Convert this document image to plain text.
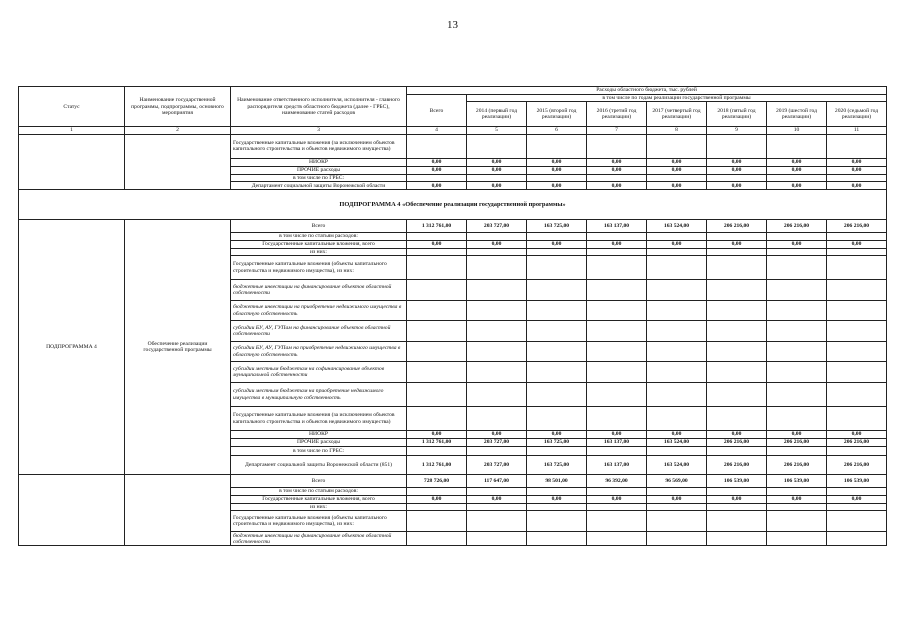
13
Статус	Наименование государственной программы, подпрограммы, основного мероприятия	Наименование ответственного исполнителя, исполнителя - главного распорядителя средств областного бюджета (далее - ГРБС), наименование статей расходов	Расходы областного бюджета, тыс. рублей							
			Всего	в том числе по годам реализации государственной программы						
				2014 (первый год реализации)	2015 (второй год реализации)	2016 (третий год реализации)	2017 (четвертый год реализации)	2018 (пятый год реализации)	2019 (шестой год реализации)	2020 (седьмой год реализации)
1	2	3	4	5	6	7	8	9	10	11
		Государственные капитальные вложения (за исключением объектов капитального строительства и объектов недвижимого имущества)								
		НИОКР	0,00	0,00	0,00	0,00	0,00	0,00	0,00	0,00
		ПРОЧИЕ расходы	0,00	0,00	0,00	0,00	0,00	0,00	0,00	0,00
		в том числе по ГРБС:								
		Департамент социальной защиты Воронежской области	0,00	0,00	0,00	0,00	0,00	0,00	0,00	0,00
ПОДПРОГРАММА 4 «Обеспечение реализации государственной программы»										
ПОДПРОГРАММА 4	Обеспечение реализации государственной программы	Всего	1 312 761,00	203 727,00	163 725,00	163 137,00	163 524,00	206 216,00	206 216,00	206 216,00
		в том числе по статьям расходов:								
		Государственные капитальные вложения, всего	0,00	0,00	0,00	0,00	0,00	0,00	0,00	0,00
		из них:								
		Государственные капитальные вложения (объекты капитального строительства и недвижимого имущества), из них:								
		бюджетные инвестиции на финансирование объектов областной собственности								
		бюджетные инвестиции на приобретение недвижимого имущества в областную собственность								
		субсидии БУ, АУ, ГУПам на финансирование объектов областной собственности								
		субсидии БУ, АУ, ГУПам на приобретение недвижимого имущества в областную собственность								
		субсидии местным бюджетам на софинансирование объектов муниципальной собственности								
		субсидии местным бюджетам на приобретение недвижимого имущества в муниципальную собственность								
		Государственные капитальные вложения (за исключением объектов капитального строительства и объектов недвижимого имущества)								
		НИОКР	0,00	0,00	0,00	0,00	0,00	0,00	0,00	0,00
		ПРОЧИЕ расходы	1 312 761,00	203 727,00	163 725,00	163 137,00	163 524,00	206 216,00	206 216,00	206 216,00
		в том числе по ГРБС:								
		Департамент социальной защиты Воронежской области (851)	1 312 761,00	203 727,00	163 725,00	163 137,00	163 524,00	206 216,00	206 216,00	206 216,00
		Всего	728 726,00	117 647,00	98 501,00	96 392,00	96 569,00	106 539,00	106 539,00	106 539,00
		в том числе по статьям расходов:								
		Государственные капитальные вложения, всего	0,00	0,00	0,00	0,00	0,00	0,00	0,00	0,00
		из них:								
		Государственные капитальные вложения (объекты капитального строительства и недвижимого имущества), из них:								
		бюджетные инвестиции на финансирование объектов областной собственности								
